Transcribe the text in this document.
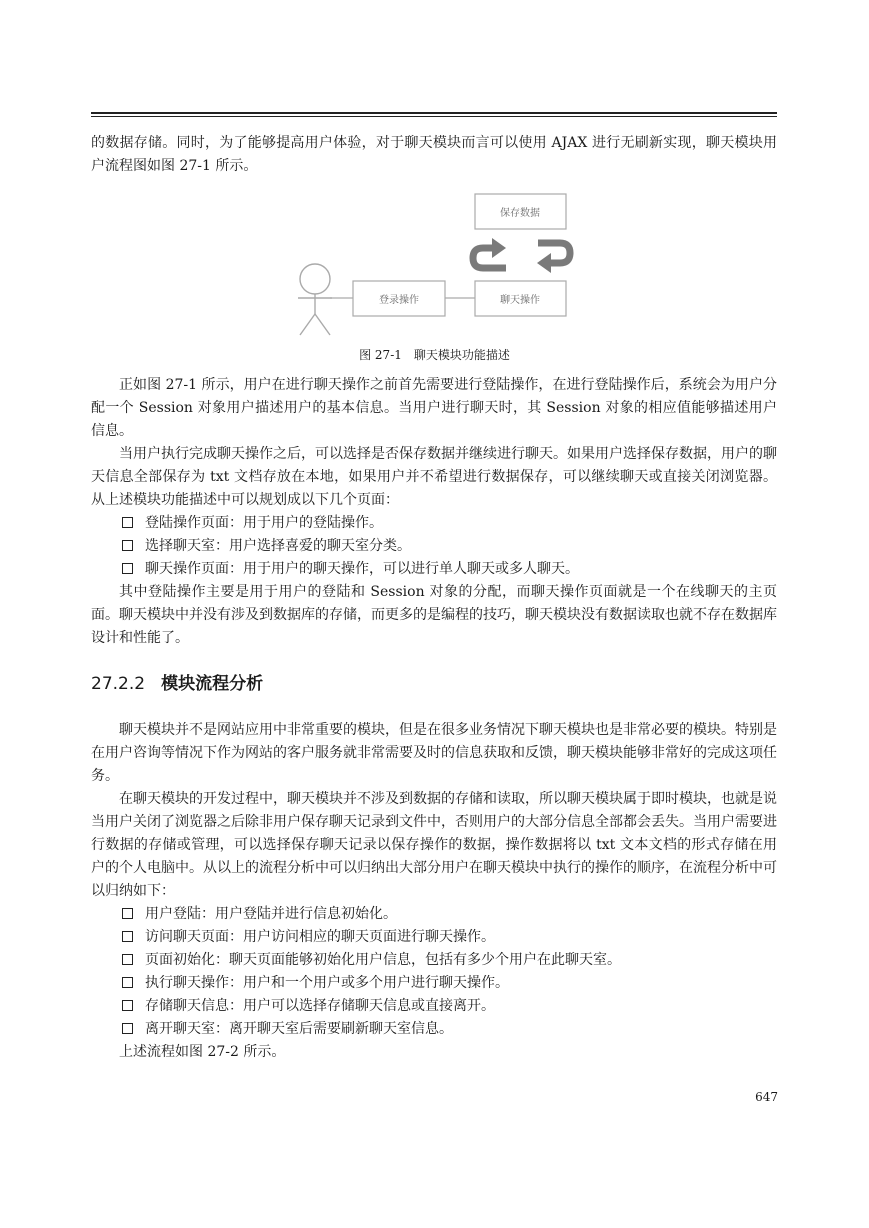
的数据存储。同时，为了能够提高用户体验，对于聊天模块而言可以使用 AJAX 进行无刷新实现，聊天模块用户流程图如图 27-1 所示。

登录操作	聊天操作
保存数据
图 27-1　聊天模块功能描述

正如图 27-1 所示，用户在进行聊天操作之前首先需要进行登陆操作，在进行登陆操作后，系统会为用户分配一个 Session 对象用户描述用户的基本信息。当用户进行聊天时，其 Session 对象的相应值能够描述用户信息。

当用户执行完成聊天操作之后，可以选择是否保存数据并继续进行聊天。如果用户选择保存数据，用户的聊天信息全部保存为 txt 文档存放在本地，如果用户并不希望进行数据保存，可以继续聊天或直接关闭浏览器。从上述模块功能描述中可以规划成以下几个页面：

登陆操作页面：用于用户的登陆操作。

选择聊天室：用户选择喜爱的聊天室分类。

聊天操作页面：用于用户的聊天操作，可以进行单人聊天或多人聊天。

其中登陆操作主要是用于用户的登陆和 Session 对象的分配，而聊天操作页面就是一个在线聊天的主页面。聊天模块中并没有涉及到数据库的存储，而更多的是编程的技巧，聊天模块没有数据读取也就不存在数据库设计和性能了。

27.2.2 模块流程分析

聊天模块并不是网站应用中非常重要的模块，但是在很多业务情况下聊天模块也是非常必要的模块。特别是在用户咨询等情况下作为网站的客户服务就非常需要及时的信息获取和反馈，聊天模块能够非常好的完成这项任务。

在聊天模块的开发过程中，聊天模块并不涉及到数据的存储和读取，所以聊天模块属于即时模块，也就是说当用户关闭了浏览器之后除非用户保存聊天记录到文件中，否则用户的大部分信息全部都会丢失。当用户需要进行数据的存储或管理，可以选择保存聊天记录以保存操作的数据，操作数据将以 txt 文本文档的形式存储在用户的个人电脑中。从以上的流程分析中可以归纳出大部分用户在聊天模块中执行的操作的顺序，在流程分析中可以归纳如下：

用户登陆：用户登陆并进行信息初始化。

访问聊天页面：用户访问相应的聊天页面进行聊天操作。

页面初始化：聊天页面能够初始化用户信息，包括有多少个用户在此聊天室。

执行聊天操作：用户和一个用户或多个用户进行聊天操作。

存储聊天信息：用户可以选择存储聊天信息或直接离开。

离开聊天室：离开聊天室后需要刷新聊天室信息。

上述流程如图 27-2 所示。

647
